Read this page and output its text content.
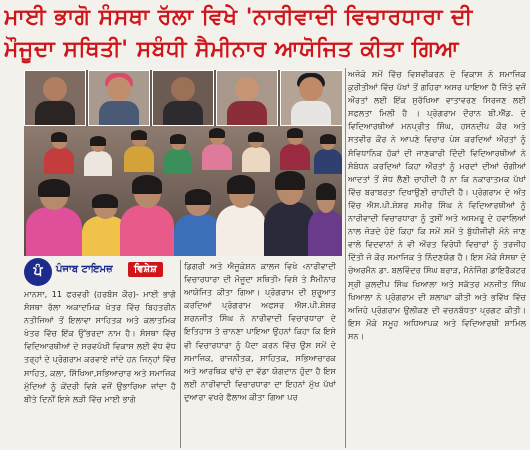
ਮਾਈ ਭਾਗੋ ਸੰਸਥਾ ਰੱਲਾ ਵਿਖੇ 'ਨਾਰੀਵਾਦੀ ਵਿਚਾਰਧਾਰਾ ਦੀ
ਮੌਜੂਦਾ ਸਥਿਤੀ' ਸਬੰਧੀ ਸੈਮੀਨਾਰ ਆਯੋਜਿਤ ਕੀਤਾ ਗਿਆ

ਅਜੋਕੇ ਸਮੇਂ ਵਿੱਚ ਵਿਸ਼ਵੀਕਰਨ ਦੇ ਵਿਕਾਸ ਨੇ ਸਮਾਜਿਕ ਕੁਰੀਤੀਆਂ ਵਿੱਚ ਪੱਖਾਂ ਤੋਂ ਗਹਿਰਾ ਅਸਰ ਪਾਇਆ ਹੈ ਜਿੱਤੇ ਵਜੋਂ ਔਰਤਾਂ ਲਈ ਇੱਕ ਸੁਰੱਖਿਆ ਵਾਤਾਵਰਣ ਸਿਰਜਣ ਲਈ ਸਫਲਤਾ ਮਿਲੀ ਹੈ । ਪ੍ਰੋਗਰਾਮ ਦੌਰਾਨ ਬੀ.ਐੱਡ. ਦੇ ਵਿਦਿਆਰਥੀਆਂ ਮਨਪ੍ਰੀਤ ਸਿੰਘ, ਹਸਨਦੀਪ ਕੌਰ ਅਤੇ ਸਤਵੀਰ ਕੌਰ ਨੇ ਆਪਣੇ ਵਿਚਾਰ ਪੇਸ਼ ਕਰਦਿਆਂ ਔਰਤਾਂ ਨੂੰ ਸੰਵਿਧਾਨਿਕ ਹੱਕਾਂ ਦੀ ਜਾਣਕਾਰੀ ਦਿੰਦੀ ਵਿਦਿਆਰਥੀਆਂ ਨੇ ਸੰਬੋਧਨ ਕਰਦਿਆਂ ਕਿਹਾ ਔਰਤਾਂ ਨੂੰ ਮਰਦਾਂ ਦੀਆਂ ਚੰਗੀਆਂ ਆਦਤਾਂ ਤੋਂ ਸੇਧ ਲੈਣੀ ਚਾਹੀਦੀ ਹੈ ਨਾ ਕਿ ਨਕਾਰਾਤਮਕ ਪੱਖਾਂ ਵਿੱਚ ਬਰਾਬਰਤਾ ਦਿਖਾਉਣੀ ਚਾਹੀਦੀ ਹੈ। ਪ੍ਰੋਗਰਾਮ ਦੇ ਅੰਤ ਵਿੱਚ ਐਸ.ਪੀ.ਸ਼ੇਸ਼ਰ ਸਮੀਰ ਸਿੰਘ ਨੇ ਵਿਦਿਆਰਥੀਆਂ ਨੂੰ ਨਾਰੀਵਾਦੀ ਵਿਚਾਰਧਾਰਾ ਨੂੰ ਤੁਸੀਂ ਅਤੇ ਅਸਮਰੂ ਦੇ ਹਵਾਲਿਆਂ ਨਾਲ ਜੋੜਦੇ ਹੋਏ ਕਿਹਾ ਕਿ ਸਮੇਂ ਸਮੇਂ ਤੇ ਬੁੱਧੀਜੀਵੀ ਮੰਨੇ ਜਾਣ ਵਾਲੇ ਵਿਦਵਾਨਾਂ ਨੇ ਵੀ ਔਰਤ ਵਿਰੋਧੀ ਵਿਚਾਰਾਂ ਨੂੰ ਤਰਜੀਹ ਦਿੱਤੀ ਜੋ ਕੌਰ ਸਮਾਜਿਕ ਤੇ ਨਿੰਦਣਯੋਗ ਹੈ। ਇਸ ਮੌਕੇ ਸੰਸਥਾ ਦੇ ਚੇਅਰਮੈਨ ਡਾ. ਬਲਵਿੰਦਰ ਸਿੰਘ ਬਰਾੜ, ਮੈਨੇਜਿੰਗ ਡਾਇਰੈਕਟਰ ਸ੍ਰੀ ਕੁਲਦੀਪ ਸਿੰਘ ਖਿਆਲਾ ਅਤੇ ਸਕੱਤਰ ਮਨਜੀਤ ਸਿੰਘ ਖਿਆਲਾ ਨੇ ਪ੍ਰੋਗਰਾਮ ਦੀ ਸ਼ਲਾਘਾ ਕੀਤੀ ਅਤੇ ਭਵਿੱਖ ਵਿੱਚ ਅਜਿਹੇ ਪ੍ਰੋਗਰਾਮ ਉਲੀਕਣ ਦੀ ਵਚਨਬੱਧਤਾ ਪ੍ਰਗਟ ਕੀਤੀ। ਇਸ ਮੌਕੇ ਸਮੂਹ ਅਧਿਆਪਕ ਅਤੇ ਵਿਦਿਆਰਥੀ ਸ਼ਾਮਿਲ ਸਨ।

ਪੰ	ਪੰਜਾਬ ਟਾਇਮਜ਼	ਵਿਸ਼ੇਸ਼

ਮਾਨਸਾ, 11 ਫਰਵਰੀ (ਹਰਬੰਸ ਕੌਰ)- ਮਾਈ ਭਾਗੋ ਸੰਸਥਾ ਰੱਲਾ ਅਕਾਦਮਿਕ ਖੇਤਰ ਵਿੱਚ ਬਿਹਤਰੀਨ ਨਤੀਜਿਆਂ ਤੋਂ ਇਲਾਵਾ ਸਾਹਿਤਕ ਅਤੇ ਕਲਾਤਮਿਕ ਖੇਤਰ ਵਿੱਚ ਇੱਕ ਉੱਭਰਦਾ ਨਾਮ ਹੈ। ਸੰਸਥਾ ਵਿੱਚ ਵਿਦਿਆਰਥੀਆਂ ਦੇ ਸਰਵਪੱਖੀ ਵਿਕਾਸ ਲਈ ਵੱਧ ਵੱਧ ਤਰ੍ਹਾਂ ਦੇ ਪ੍ਰੋਗਰਾਮ ਕਰਵਾਏ ਜਾਂਦੇ ਹਨ ਜਿਨ੍ਹਾਂ ਵਿੱਚ ਸਾਹਿਤ, ਕਲਾ, ਸਿੱਖਿਆ,ਸਭਿਆਚਾਰ ਅਤੇ ਸਮਾਜਿਕ ਮੁੱਦਿਆਂ ਨੂੰ ਕੇਂਦਰੀ ਵਿਸ਼ੇ ਵਜੋਂ ਉਭਾਰਿਆ ਜਾਂਦਾ ਹੈ ਬੀਤੇ ਦਿਨੀਂ ਇਸੇ ਲੜੀ ਵਿੱਚ ਮਾਈ ਭਾਗੋ

ਡਿਗਰੀ ਅਤੇ ਐਜੂਕੇਸ਼ਨ ਕਾਲਜ ਵਿਖੇ ‹ਨਾਰੀਵਾਦੀ ਵਿਚਾਰਧਾਰਾ ਦੀ ਮੌਜੂਦਾ ਸਥਿਤੀ› ਵਿਸ਼ੇ ਤੇ ਸੈਮੀਨਾਰ ਆਯੋਜਿਤ ਕੀਤਾ ਗਿਆ। ਪ੍ਰੋਗਰਾਮ ਦੀ ਸ਼ੁਰੂਆਤ ਕਰਦਿਆਂ ਪ੍ਰੋਗਰਾਮ ਅਫਸਰ ਐਸ.ਪੀ.ਸ਼ੇਸ਼ਰ ਸ਼ਰਨਜੀਤ ਸਿੰਘ ਨੇ ਨਾਰੀਵਾਦੀ ਵਿਚਾਰਧਾਰਾ ਦੇ ਇਤਿਹਾਸ ਤੇ ਚਾਨਣਾ ਪਾਇਆ ਉਹਨਾਂ ਕਿਹਾ ਕਿ ਇਸੇ ਵੀ ਵਿਚਾਰਧਾਰਾ ਨੂੰ ਪੈਦਾ ਕਰਨ ਵਿੱਚ ਉਸ ਸਮੇਂ ਦੇ ਸਮਾਜਿਕ, ਰਾਜਨੀਤਕ, ਸਾਹਿਤਕ, ਸਭਿਆਚਾਰਕ ਅਤੇ ਆਰਥਿਕ ਢਾਂਚੇ ਦਾ ਵੱਡਾ ਯੋਗਦਾਨ ਹੁੰਦਾ ਹੈ ਇਸ ਲਈ ਨਾਰੀਵਾਦੀ ਵਿਚਾਰਧਾਰਾ ਦਾ ਇਹਨਾਂ ਮੁੱਖ ਪੱਖਾਂ ਦੁਆਰਾ ਵਖਰੇ ਫੈਲਾਅ ਕੀਤਾ ਗਿਆ ਪਰ
